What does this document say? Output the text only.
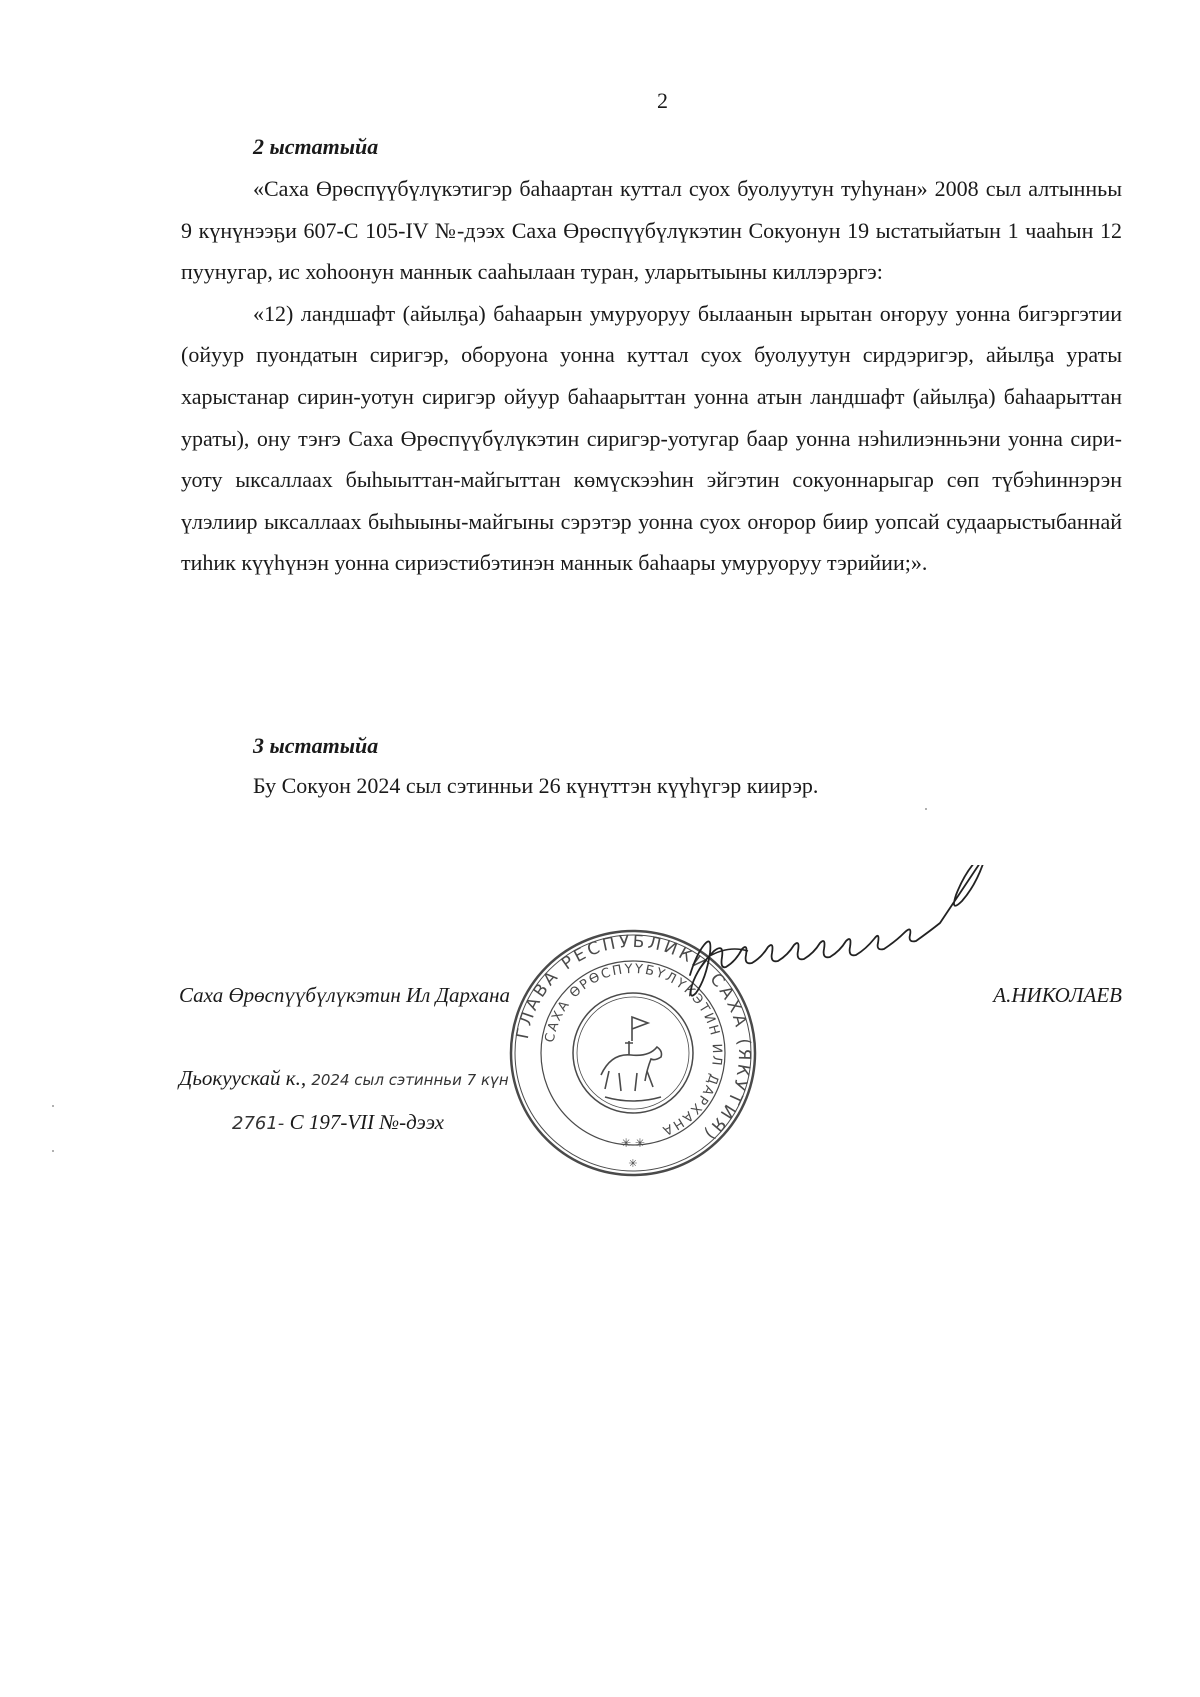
2
2 ыстатыйа

«Саха Өрөспүүбүлүкэтигэр баһаартан куттал суох буолуутун туһунан» 2008 сыл алтынньы 9 күнүнээҕи 607-С 105-IV №-дээх Саха Өрөспүүбүлүкэтин Сокуонун 19 ыстатыйатын 1 чааһын 12 пуунугар, ис хоһоонун маннык сааһылаан туран, уларытыыны киллэрэргэ:

«12) ландшафт (айылҕа) баһаарын умуруоруу былаанын ырытан оҥоруу уонна бигэргэтии (ойуур пуондатын сиригэр, оборуона уонна куттал суох буолуутун сирдэригэр, айылҕа ураты харыстанар сирин-уотун сиригэр ойуур баһаарыттан уонна атын ландшафт (айылҕа) баһаарыттан ураты), ону тэҥэ Саха Өрөспүүбүлүкэтин сиригэр-уотугар баар уонна нэһилиэнньэни уонна сири-уоту ыксаллаах быһыыттан-майгыттан көмүскээһин эйгэтин сокуоннарыгар сөп түбэһиннэрэн үлэлиир ыксаллаах быһыыны-майгыны сэрэтэр уонна суох оҥорор биир уопсай судаарыстыбаннай тиһик күүһүнэн уонна сириэстибэтинэн маннык баһаары умуруоруу тэрийии;».

3 ыстатыйа
Бу Сокуон 2024 сыл сэтинньи 26 күнүттэн күүһүгэр киирэр.
Саха Өрөспүүбүлүкэтин Ил Дархана	А.НИКОЛАЕВ
Дьокуускай к., 2024 сыл сэтинньи 7 күн
2761- С 197-VII №-дээх
ГЛАВА РЕСПУБЛИКИ САХА (ЯКУТИЯ)
САХА ӨРӨСПҮҮБҮЛҮКЭТИН ИЛ ДАРХАНА
✳ ✳
✳
